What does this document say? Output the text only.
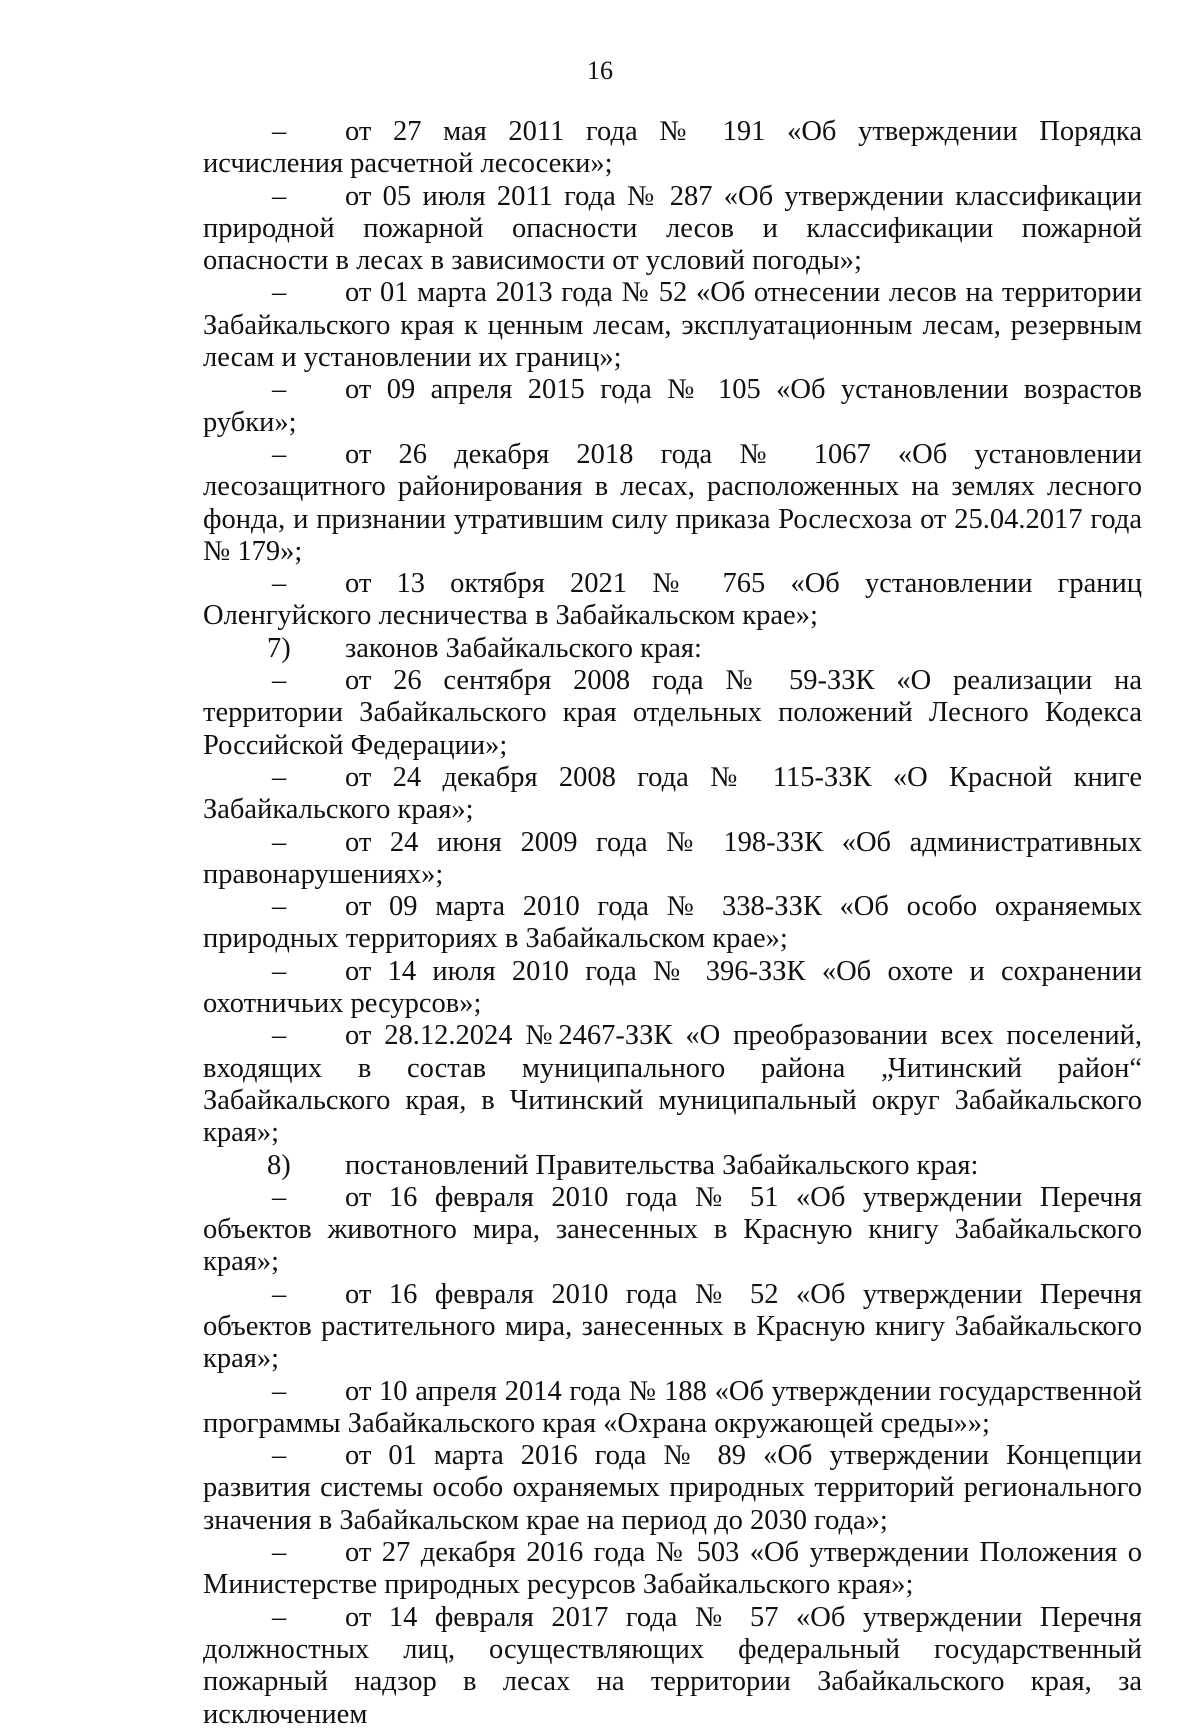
16

–	от 27 мая 2011 года № 191 «Об утверждении Порядка исчисления расчетной лесосеки»;

–	от 05 июля 2011 года № 287 «Об утверждении классификации природной пожарной опасности лесов и классификации пожарной опасности в лесах в зависимости от условий погоды»;

–	от 01 марта 2013 года № 52 «Об отнесении лесов на территории Забайкальского края к ценным лесам, эксплуатационным лесам, резервным лесам и установлении их границ»;

–	от 09 апреля 2015 года № 105 «Об установлении возрастов рубки»;

–	от 26 декабря 2018 года № 1067 «Об установлении лесозащитного районирования в лесах, расположенных на землях лесного фонда, и признании утратившим силу приказа Рослесхоза от 25.04.2017 года № 179»;

–	от 13 октября 2021 № 765 «Об установлении границ Оленгуйского лесничества в Забайкальском крае»;

7)	законов Забайкальского края:

–	от 26 сентября 2008 года № 59-ЗЗК «О реализации на территории Забайкальского края отдельных положений Лесного Кодекса Российской Федерации»;

–	от 24 декабря 2008 года № 115-ЗЗК «О Красной книге Забайкальского края»;

–	от 24 июня 2009 года № 198-ЗЗК «Об административных правонарушениях»;

–	от 09 марта 2010 года № 338-ЗЗК «Об особо охраняемых природных территориях в Забайкальском крае»;

–	от 14 июля 2010 года № 396-ЗЗК «Об охоте и сохранении охотничьих ресурсов»;

–	от 28.12.2024 №2467-ЗЗК «О преобразовании всех поселений, входящих в состав муниципального района „Читинский район“ Забайкальского края, в Читинский муниципальный округ Забайкальского края»;

8)	постановлений Правительства Забайкальского края:

–	от 16 февраля 2010 года № 51 «Об утверждении Перечня объектов животного мира, занесенных в Красную книгу Забайкальского края»;

–	от 16 февраля 2010 года № 52 «Об утверждении Перечня объектов растительного мира, занесенных в Красную книгу Забайкальского края»;

–	от 10 апреля 2014 года № 188 «Об утверждении государственной программы Забайкальского края «Охрана окружающей среды»»;

–	от 01 марта 2016 года № 89 «Об утверждении Концепции развития системы особо охраняемых природных территорий регионального значения в Забайкальском крае на период до 2030 года»;

–	от 27 декабря 2016 года № 503 «Об утверждении Положения о Министерстве природных ресурсов Забайкальского края»;

–	от 14 февраля 2017 года № 57 «Об утверждении Перечня должностных лиц, осуществляющих федеральный государственный пожарный надзор в лесах на территории Забайкальского края, за исключением
